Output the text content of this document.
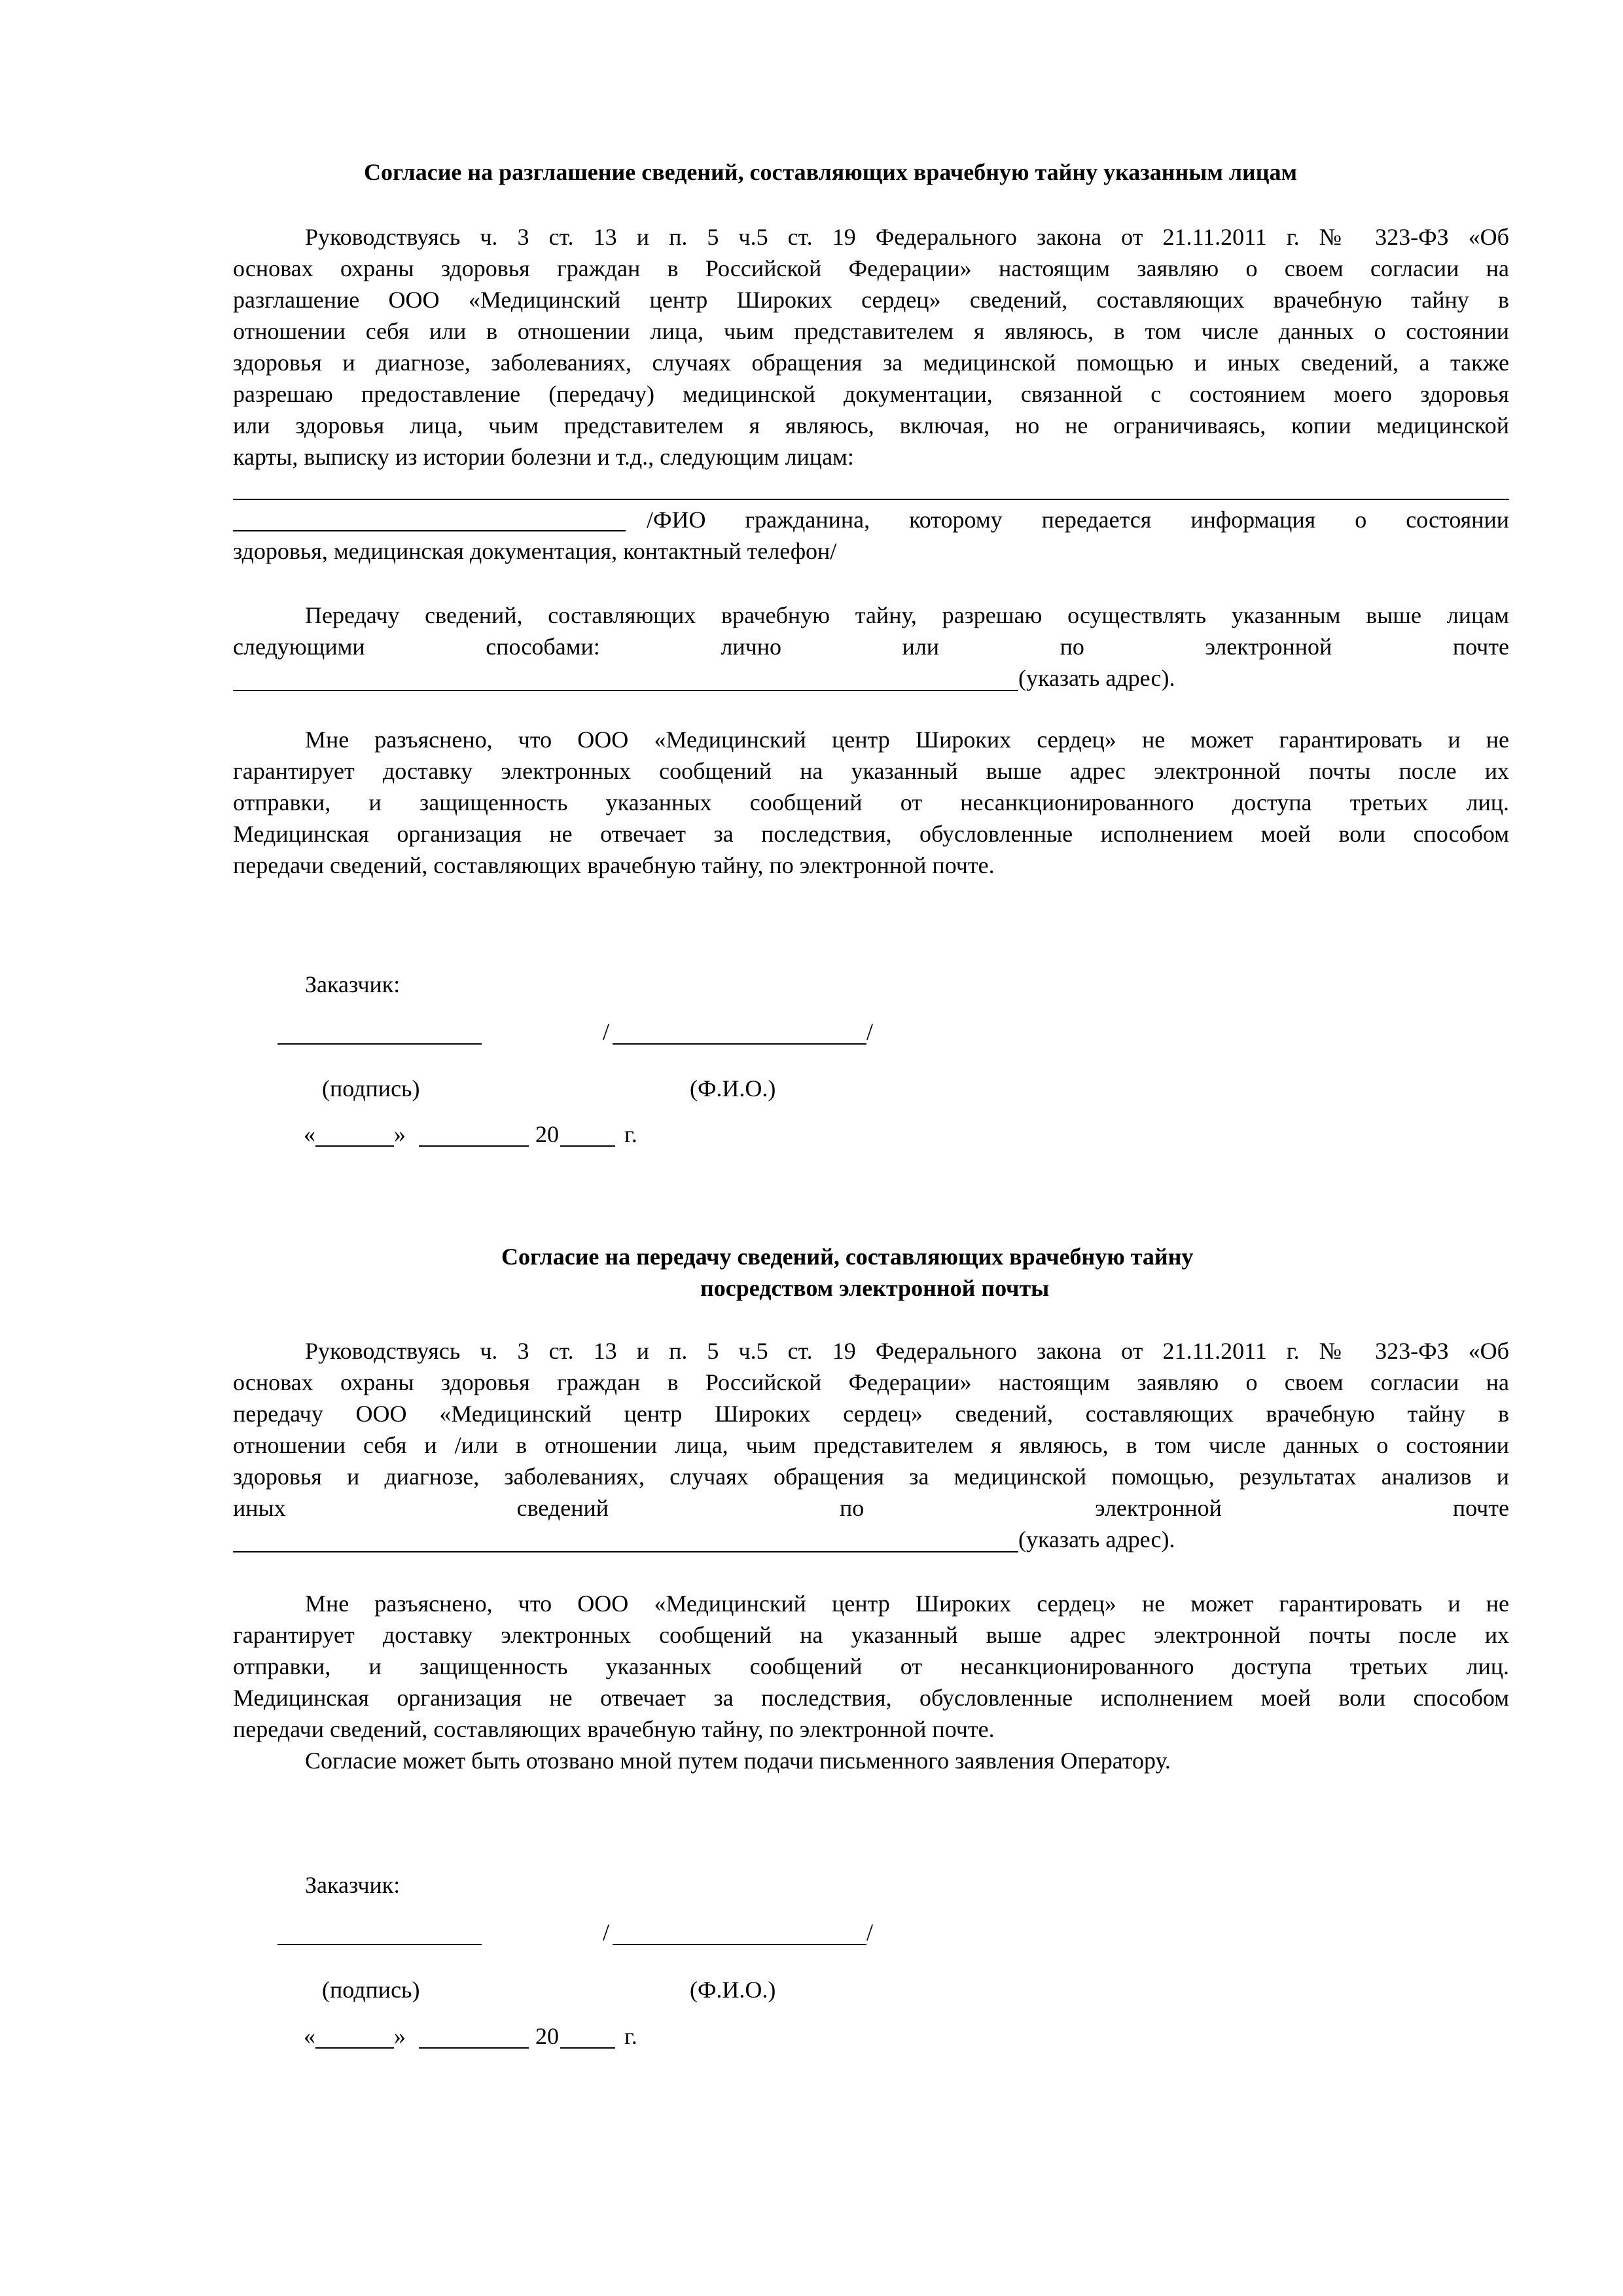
Согласие на разглашение сведений, составляющих врачебную тайну указанным лицам
Руководствуясь ч. 3 ст. 13 и п. 5 ч.5 ст. 19 Федерального закона от 21.11.2011 г. № 323-ФЗ «Об
основах охраны здоровья граждан в Российской Федерации» настоящим заявляю о своем согласии на
разглашение ООО «Медицинский центр Широких сердец» сведений, составляющих врачебную тайну в
отношении себя или в отношении лица, чьим представителем я являюсь, в том числе данных о состоянии
здоровья и диагнозе, заболеваниях, случаях обращения за медицинской помощью и иных сведений, а также
разрешаю предоставление (передачу) медицинской документации, связанной с состоянием моего здоровья
или здоровья лица, чьим представителем я являюсь, включая, но не ограничиваясь, копии медицинской
карты, выписку из истории болезни и т.д., следующим лицам:
/ФИО гражданина, которому передается информация о состоянии
здоровья, медицинская документация, контактный телефон/
Передачу сведений, составляющих врачебную тайну, разрешаю осуществлять указанным выше лицам
следующими способами: лично или по электронной почте
(указать адрес).
Мне разъяснено, что ООО «Медицинский центр Широких сердец» не может гарантировать и не
гарантирует доставку электронных сообщений на указанный выше адрес электронной почты после их
отправки, и защищенность указанных сообщений от несанкционированного доступа третьих лиц.
Медицинская организация не отвечает за последствия, обусловленные исполнением моей воли способом
передачи сведений, составляющих врачебную тайну, по электронной почте.
Заказчик:
/	/
(подпись)	(Ф.И.О.)
«	»	20	г.
Согласие на передачу сведений, составляющих врачебную тайну
посредством электронной почты
Руководствуясь ч. 3 ст. 13 и п. 5 ч.5 ст. 19 Федерального закона от 21.11.2011 г. № 323-ФЗ «Об
основах охраны здоровья граждан в Российской Федерации» настоящим заявляю о своем согласии на
передачу ООО «Медицинский центр Широких сердец» сведений, составляющих врачебную тайну в
отношении себя и /или в отношении лица, чьим представителем я являюсь, в том числе данных о состоянии
здоровья и диагнозе, заболеваниях, случаях обращения за медицинской помощью, результатах анализов и
иных сведений по электронной почте
(указать адрес).
Мне разъяснено, что ООО «Медицинский центр Широких сердец» не может гарантировать и не
гарантирует доставку электронных сообщений на указанный выше адрес электронной почты после их
отправки, и защищенность указанных сообщений от несанкционированного доступа третьих лиц.
Медицинская организация не отвечает за последствия, обусловленные исполнением моей воли способом
передачи сведений, составляющих врачебную тайну, по электронной почте.
Согласие может быть отозвано мной путем подачи письменного заявления Оператору.
Заказчик:
/	/
(подпись)	(Ф.И.О.)
«	»	20	г.
